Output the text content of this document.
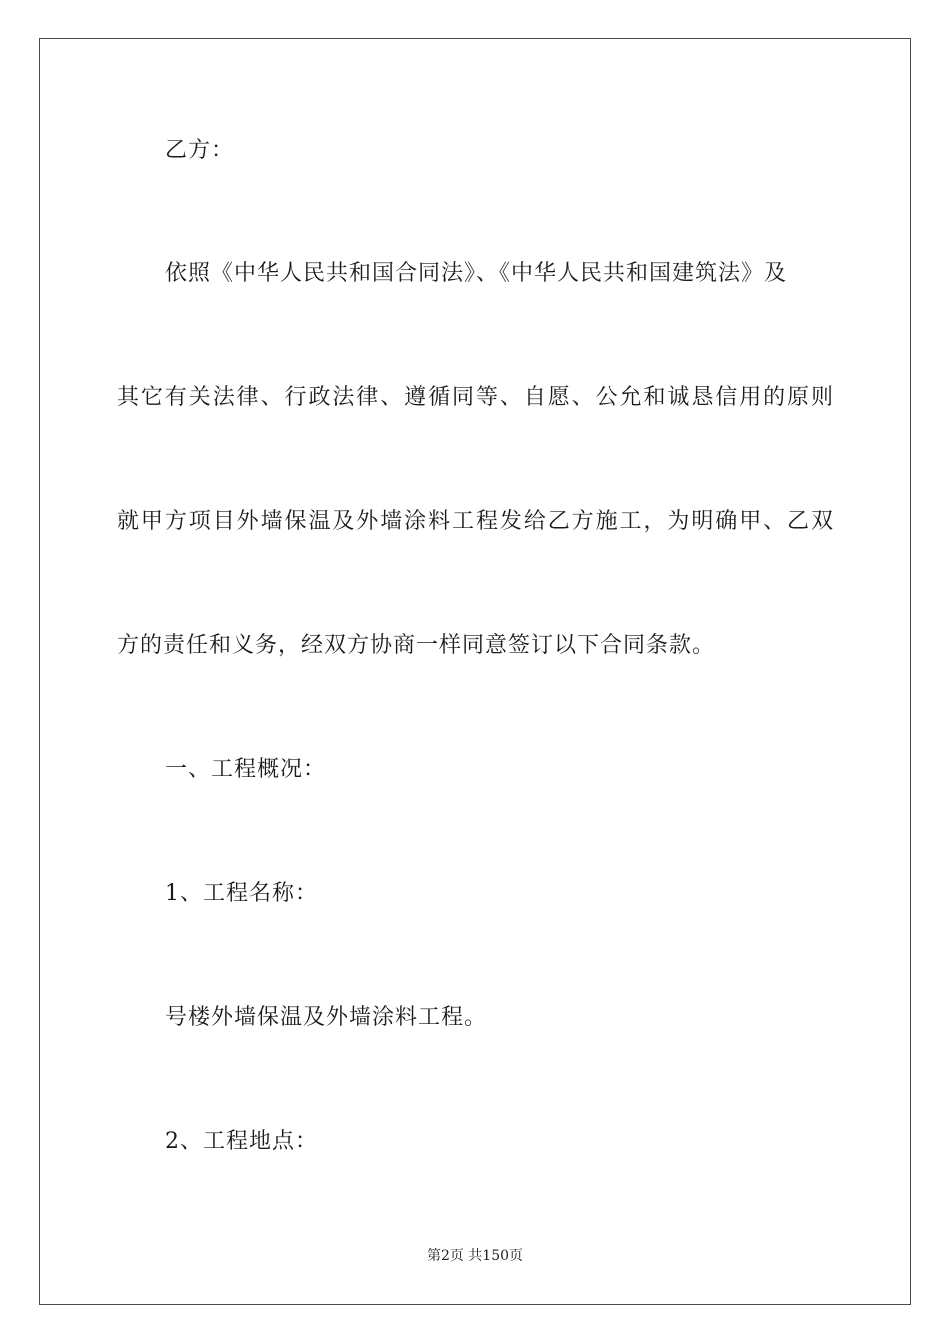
乙方：
依照《中华人民共和国合同法》、《中华人民共和国建筑法》及
其它有关法律、行政法律、遵循同等、自愿、公允和诚恳信用的原则
就甲方项目外墙保温及外墙涂料工程发给乙方施工，为明确甲、乙双
方的责任和义务，经双方协商一样同意签订以下合同条款。
一、工程概况：
1、工程名称：
号楼外墙保温及外墙涂料工程。
2、工程地点：
第2页 共150页
